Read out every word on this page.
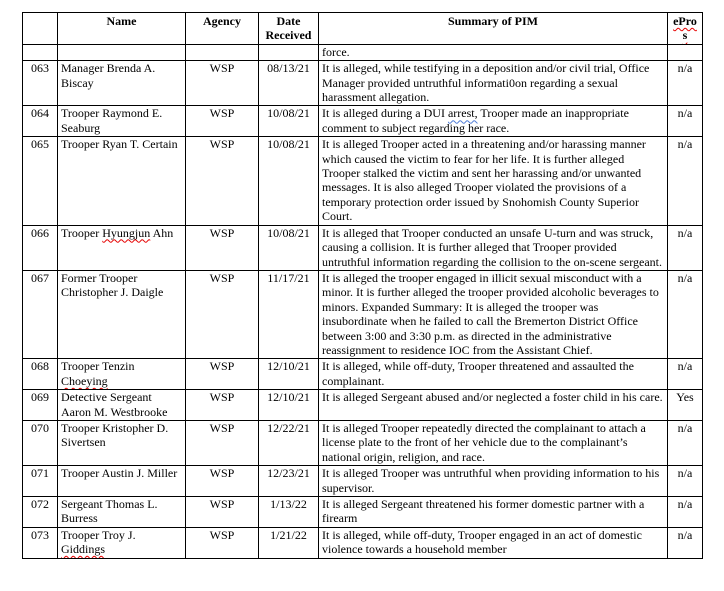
	Name	Agency	Date Received	Summary of PIM	ePros
				force.	
063	Manager Brenda A. Biscay	WSP	08/13/21	It is alleged, while testifying in a deposition and/or civil trial, Office Manager provided untruthful informati0on regarding a sexual harassment allegation.	n/a
064	Trooper Raymond E. Seaburg	WSP	10/08/21	It is alleged during a DUI arrest, Trooper made an inappropriate comment to subject regarding her race.	n/a
065	Trooper Ryan T. Certain	WSP	10/08/21	It is alleged Trooper acted in a threatening and/or harassing manner which caused the victim to fear for her life. It is further alleged Trooper stalked the victim and sent her harassing and/or unwanted messages. It is also alleged Trooper violated the provisions of a temporary protection order issued by Snohomish County Superior Court.	n/a
066	Trooper Hyungjun Ahn	WSP	10/08/21	It is alleged that Trooper conducted an unsafe U-turn and was struck, causing a collision. It is further alleged that Trooper provided untruthful information regarding the collision to the on-scene sergeant.	n/a
067	Former Trooper Christopher J. Daigle	WSP	11/17/21	It is alleged the trooper engaged in illicit sexual misconduct with a minor. It is further alleged the trooper provided alcoholic beverages to minors. Expanded Summary: It is alleged the trooper was insubordinate when he failed to call the Bremerton District Office between 3:00 and 3:30 p.m. as directed in the administrative reassignment to residence IOC from the Assistant Chief.	n/a
068	Trooper Tenzin Choeying	WSP	12/10/21	It is alleged, while off-duty, Trooper threatened and assaulted the complainant.	n/a
069	Detective Sergeant Aaron M. Westbrooke	WSP	12/10/21	It is alleged Sergeant abused and/or neglected a foster child in his care.	Yes
070	Trooper Kristopher D. Sivertsen	WSP	12/22/21	It is alleged Trooper repeatedly directed the complainant to attach a license plate to the front of her vehicle due to the complainant’s national origin, religion, and race.	n/a
071	Trooper Austin J. Miller	WSP	12/23/21	It is alleged Trooper was untruthful when providing information to his supervisor.	n/a
072	Sergeant Thomas L. Burress	WSP	1/13/22	It is alleged Sergeant threatened his former domestic partner with a firearm	n/a
073	Trooper Troy J. Giddings	WSP	1/21/22	It is alleged, while off-duty, Trooper engaged in an act of domestic violence towards a household member	n/a
